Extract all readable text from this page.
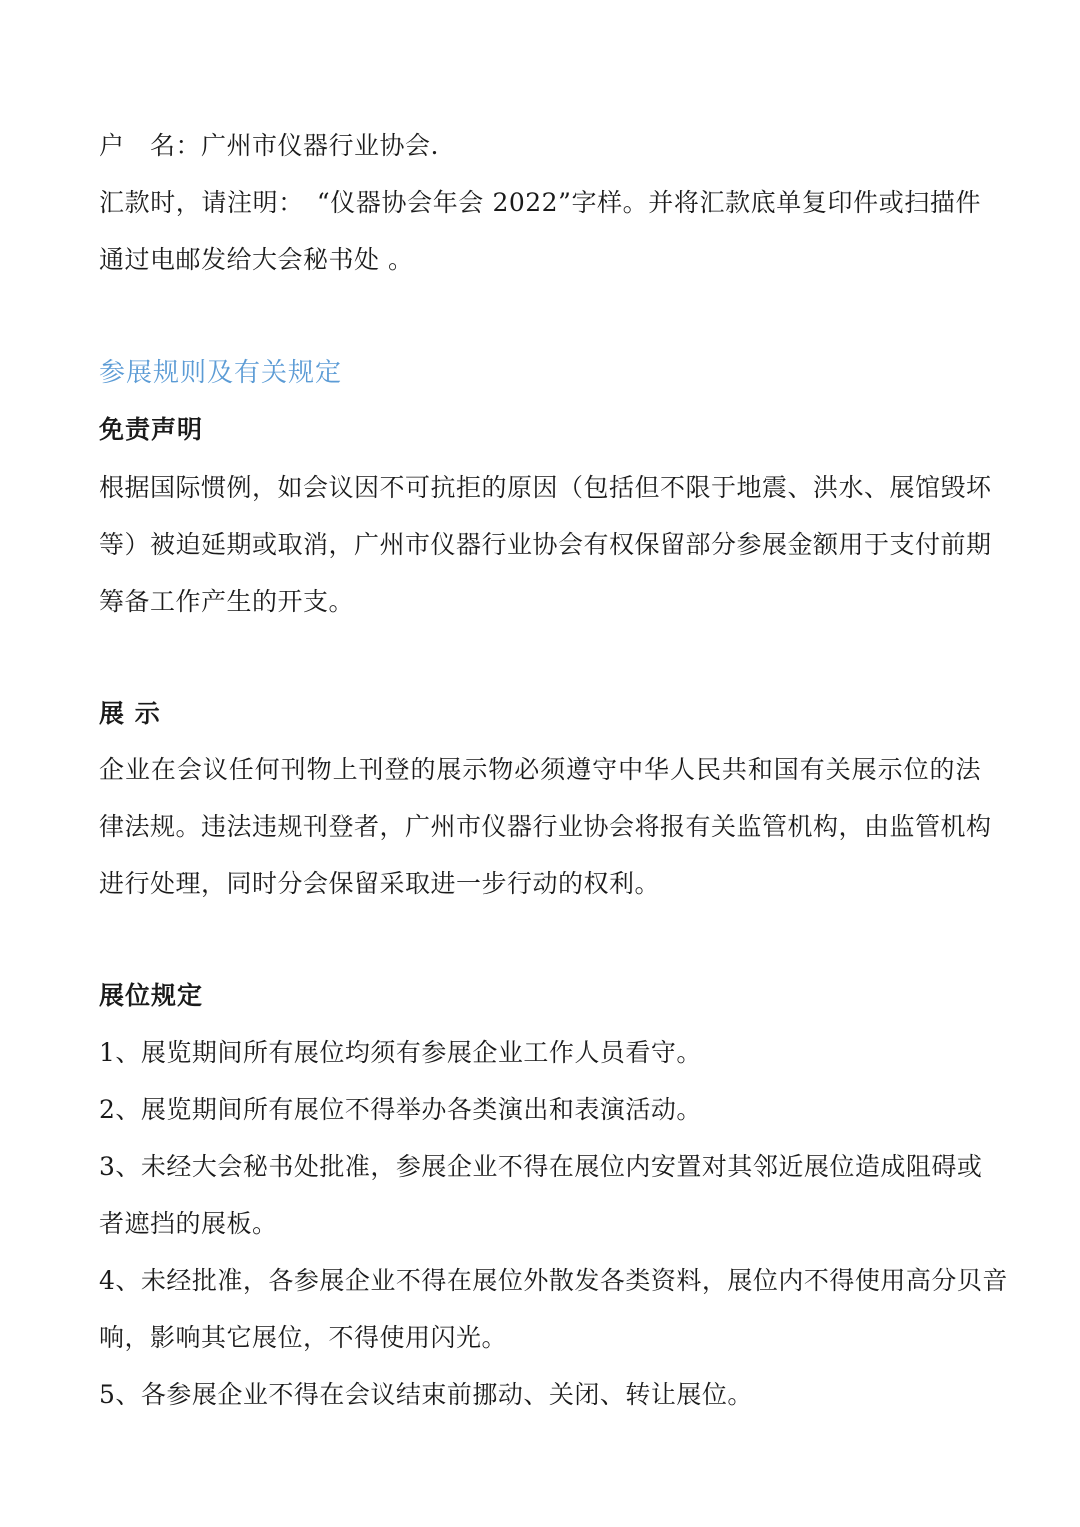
户　名：广州市仪器行业协会.
汇款时，请注明：　“仪器协会年会 2022”字样。并将汇款底单复印件或扫描件
通过电邮发给大会秘书处 。
参展规则及有关规定
免责声明
根据国际惯例，如会议因不可抗拒的原因（包括但不限于地震、洪水、展馆毁坏
等）被迫延期或取消，广州市仪器行业协会有权保留部分参展金额用于支付前期
筹备工作产生的开支。
展 示
企业在会议任何刊物上刊登的展示物必须遵守中华人民共和国有关展示位的法
律法规。违法违规刊登者，广州市仪器行业协会将报有关监管机构，由监管机构
进行处理，同时分会保留采取进一步行动的权利。
展位规定
1、展览期间所有展位均须有参展企业工作人员看守。
2、展览期间所有展位不得举办各类演出和表演活动。
3、未经大会秘书处批准，参展企业不得在展位内安置对其邻近展位造成阻碍或
者遮挡的展板。
4、未经批准，各参展企业不得在展位外散发各类资料，展位内不得使用高分贝音
响，影响其它展位，不得使用闪光。
5、各参展企业不得在会议结束前挪动、关闭、转让展位。
